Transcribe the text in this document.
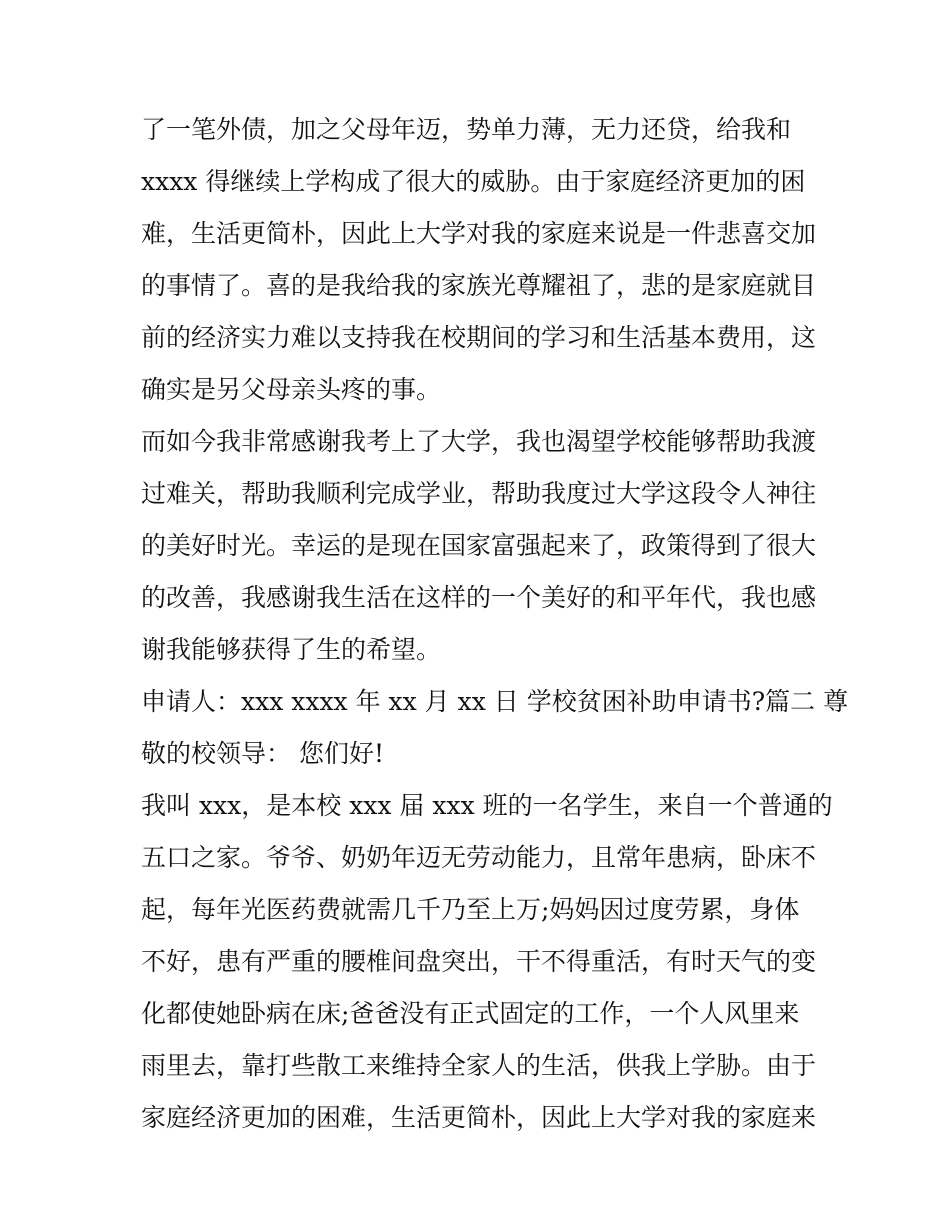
了一笔外债，加之父母年迈，势单力薄，无力还贷，给我和
xxxx 得继续上学构成了很大的威胁。由于家庭经济更加的困
难，生活更简朴，因此上大学对我的家庭来说是一件悲喜交加
的事情了。喜的是我给我的家族光尊耀祖了，悲的是家庭就目
前的经济实力难以支持我在校期间的学习和生活基本费用，这
确实是另父母亲头疼的事。
而如今我非常感谢我考上了大学，我也渴望学校能够帮助我渡
过难关，帮助我顺利完成学业，帮助我度过大学这段令人神往
的美好时光。幸运的是现在国家富强起来了，政策得到了很大
的改善，我感谢我生活在这样的一个美好的和平年代，我也感
谢我能够获得了生的希望。
申请人：xxx xxxx 年 xx 月 xx 日 学校贫困补助申请书?篇二 尊
敬的校领导： 您们好!
我叫 xxx，是本校 xxx 届 xxx 班的一名学生，来自一个普通的
五口之家。爷爷、奶奶年迈无劳动能力，且常年患病，卧床不
起，每年光医药费就需几千乃至上万;妈妈因过度劳累，身体
不好，患有严重的腰椎间盘突出，干不得重活，有时天气的变
化都使她卧病在床;爸爸没有正式固定的工作，一个人风里来
雨里去，靠打些散工来维持全家人的生活，供我上学胁。由于
家庭经济更加的困难，生活更简朴，因此上大学对我的家庭来
